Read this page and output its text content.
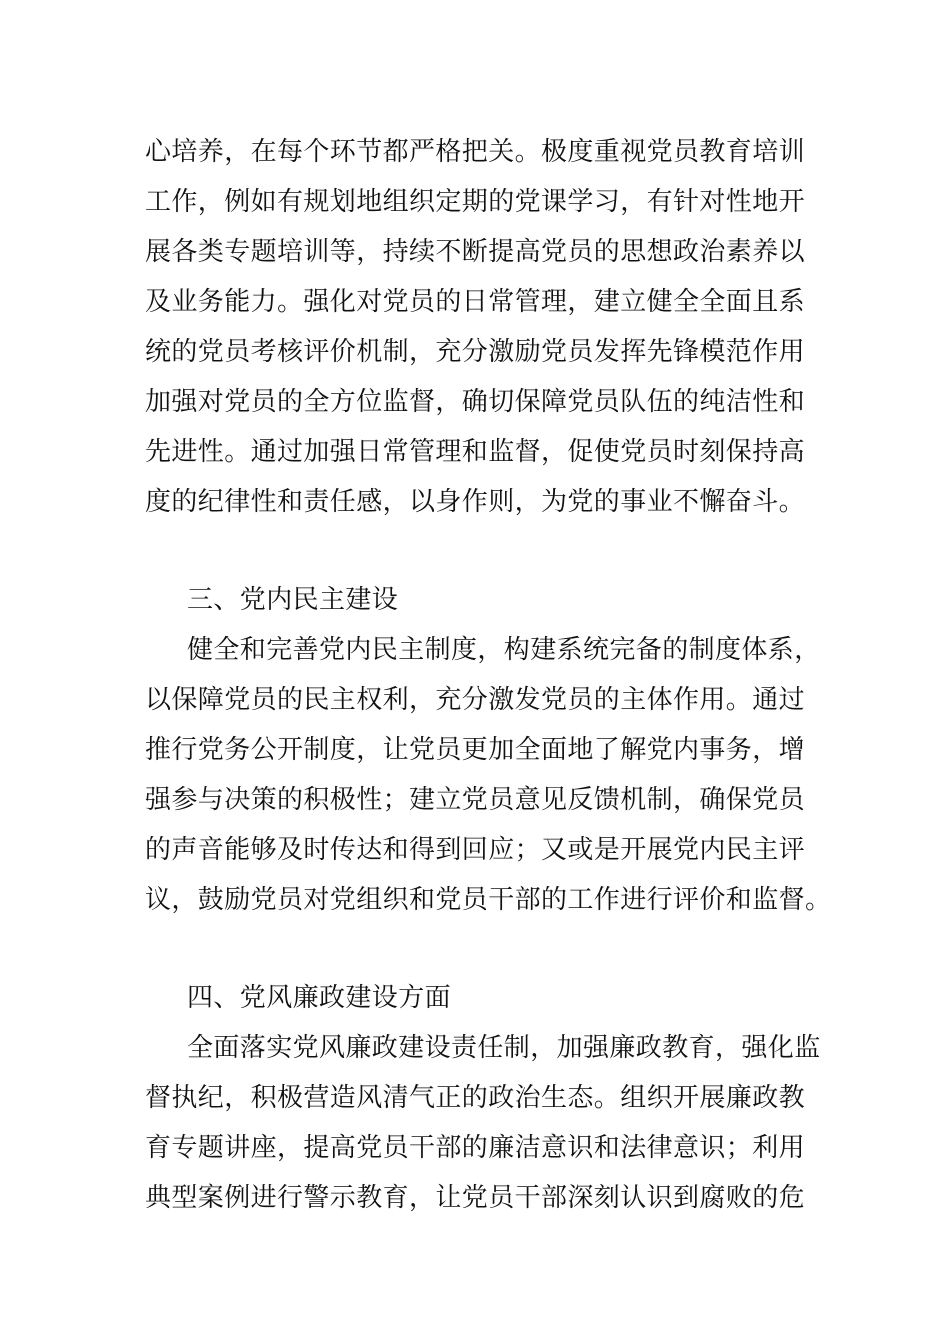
心培养，在每个环节都严格把关。极度重视党员教育培训
工作，例如有规划地组织定期的党课学习，有针对性地开
展各类专题培训等，持续不断提高党员的思想政治素养以
及业务能力。强化对党员的日常管理，建立健全全面且系
统的党员考核评价机制，充分激励党员发挥先锋模范作用
加强对党员的全方位监督，确切保障党员队伍的纯洁性和
先进性。通过加强日常管理和监督，促使党员时刻保持高
度的纪律性和责任感，以身作则，为党的事业不懈奋斗。
三、党内民主建设
健全和完善党内民主制度，构建系统完备的制度体系，
以保障党员的民主权利，充分激发党员的主体作用。通过
推行党务公开制度，让党员更加全面地了解党内事务，增
强参与决策的积极性；建立党员意见反馈机制，确保党员
的声音能够及时传达和得到回应；又或是开展党内民主评
议，鼓励党员对党组织和党员干部的工作进行评价和监督。
四、党风廉政建设方面
全面落实党风廉政建设责任制，加强廉政教育，强化监
督执纪，积极营造风清气正的政治生态。组织开展廉政教
育专题讲座，提高党员干部的廉洁意识和法律意识；利用
典型案例进行警示教育，让党员干部深刻认识到腐败的危
